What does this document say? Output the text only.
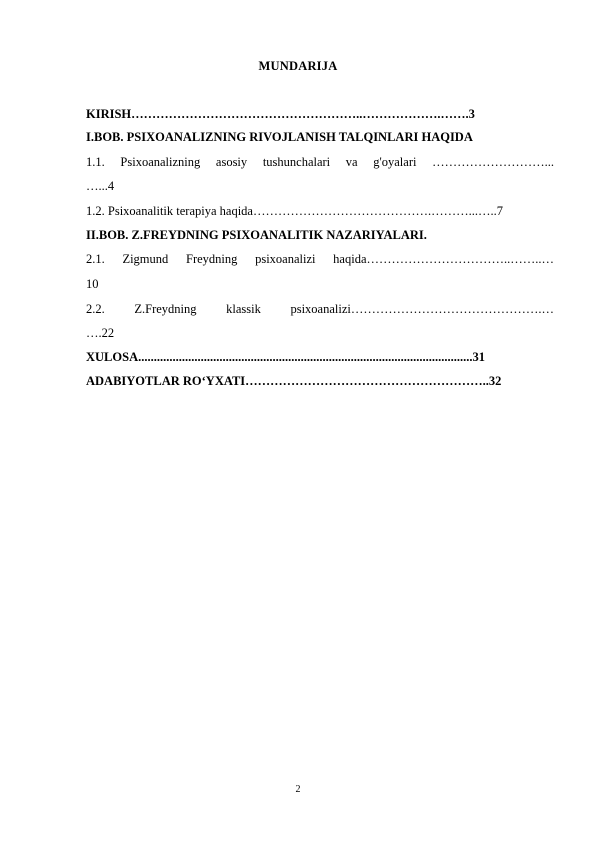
MUNDARIJA
KIRISH………………………………………………..……………….…….3
I.BOB. PSIXOANALIZNING RIVOJLANISH TALQINLARI HAQIDA
1.1. Psixoanalizning asosiy tushunchalari va g'oyalari ………………………...
…...4
1.2. Psixoanalitik terapiya haqida…………………………………….………...…..7
II.BOB. Z.FREYDNING PSIXOANALITIK NAZARIYALARI.
2.1. Zigmund Freydning psixoanalizi haqida……………………………..……..…
10
2.2. Z.Freydning klassik psixoanalizi……………………………………….…
….22
XULOSA...........................................................................................................31
ADABIYOTLAR RO‘YXATI…………………………………………………..32
2
